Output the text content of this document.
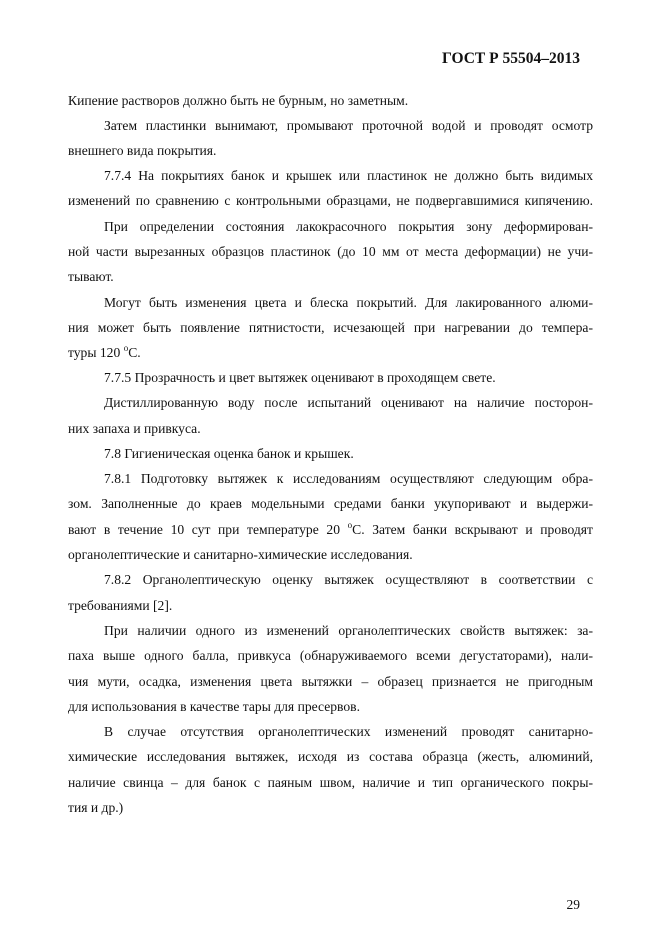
ГОСТ Р 55504–2013
Кипение растворов должно быть не бурным, но заметным.
Затем пластинки вынимают, промывают проточной водой и проводят осмотр
внешнего вида покрытия.
7.7.4 На покрытиях банок и крышек или пластинок не должно быть видимых
изменений по сравнению с контрольными образцами, не подвергавшимися кипячению.
При определении состояния лакокрасочного покрытия зону деформирован-
ной части вырезанных образцов пластинок (до 10 мм от места деформации) не учи-
тывают.
Могут быть изменения цвета и блеска покрытий. Для лакированного алюми-
ния может быть появление пятнистости, исчезающей при нагревании до темпера-
туры 120 $^o$С.
7.7.5 Прозрачность и цвет вытяжек оценивают в проходящем свете.
Дистиллированную воду после испытаний оценивают на наличие посторон-
них запаха и привкуса.
7.8 Гигиеническая оценка банок и крышек.
7.8.1 Подготовку вытяжек к исследованиям осуществляют следующим обра-
зом. Заполненные до краев модельными средами банки укупоривают и выдержи-
вают в течение 10 сут при температуре 20 $^o$С. Затем банки вскрывают и проводят
органолептические и санитарно-химические исследования.
7.8.2 Органолептическую оценку вытяжек осуществляют в соответствии с
требованиями [2].
При наличии одного из изменений органолептических свойств вытяжек: за-
паха выше одного балла, привкуса (обнаруживаемого всеми дегустаторами), нали-
чия мути, осадка, изменения цвета вытяжки – образец признается не пригодным
для использования в качестве тары для пресервов.
В случае отсутствия органолептических изменений проводят санитарно-
химические исследования вытяжек, исходя из состава образца (жесть, алюминий,
наличие свинца – для банок с паяным швом, наличие и тип органического покры-
тия и др.)
29
